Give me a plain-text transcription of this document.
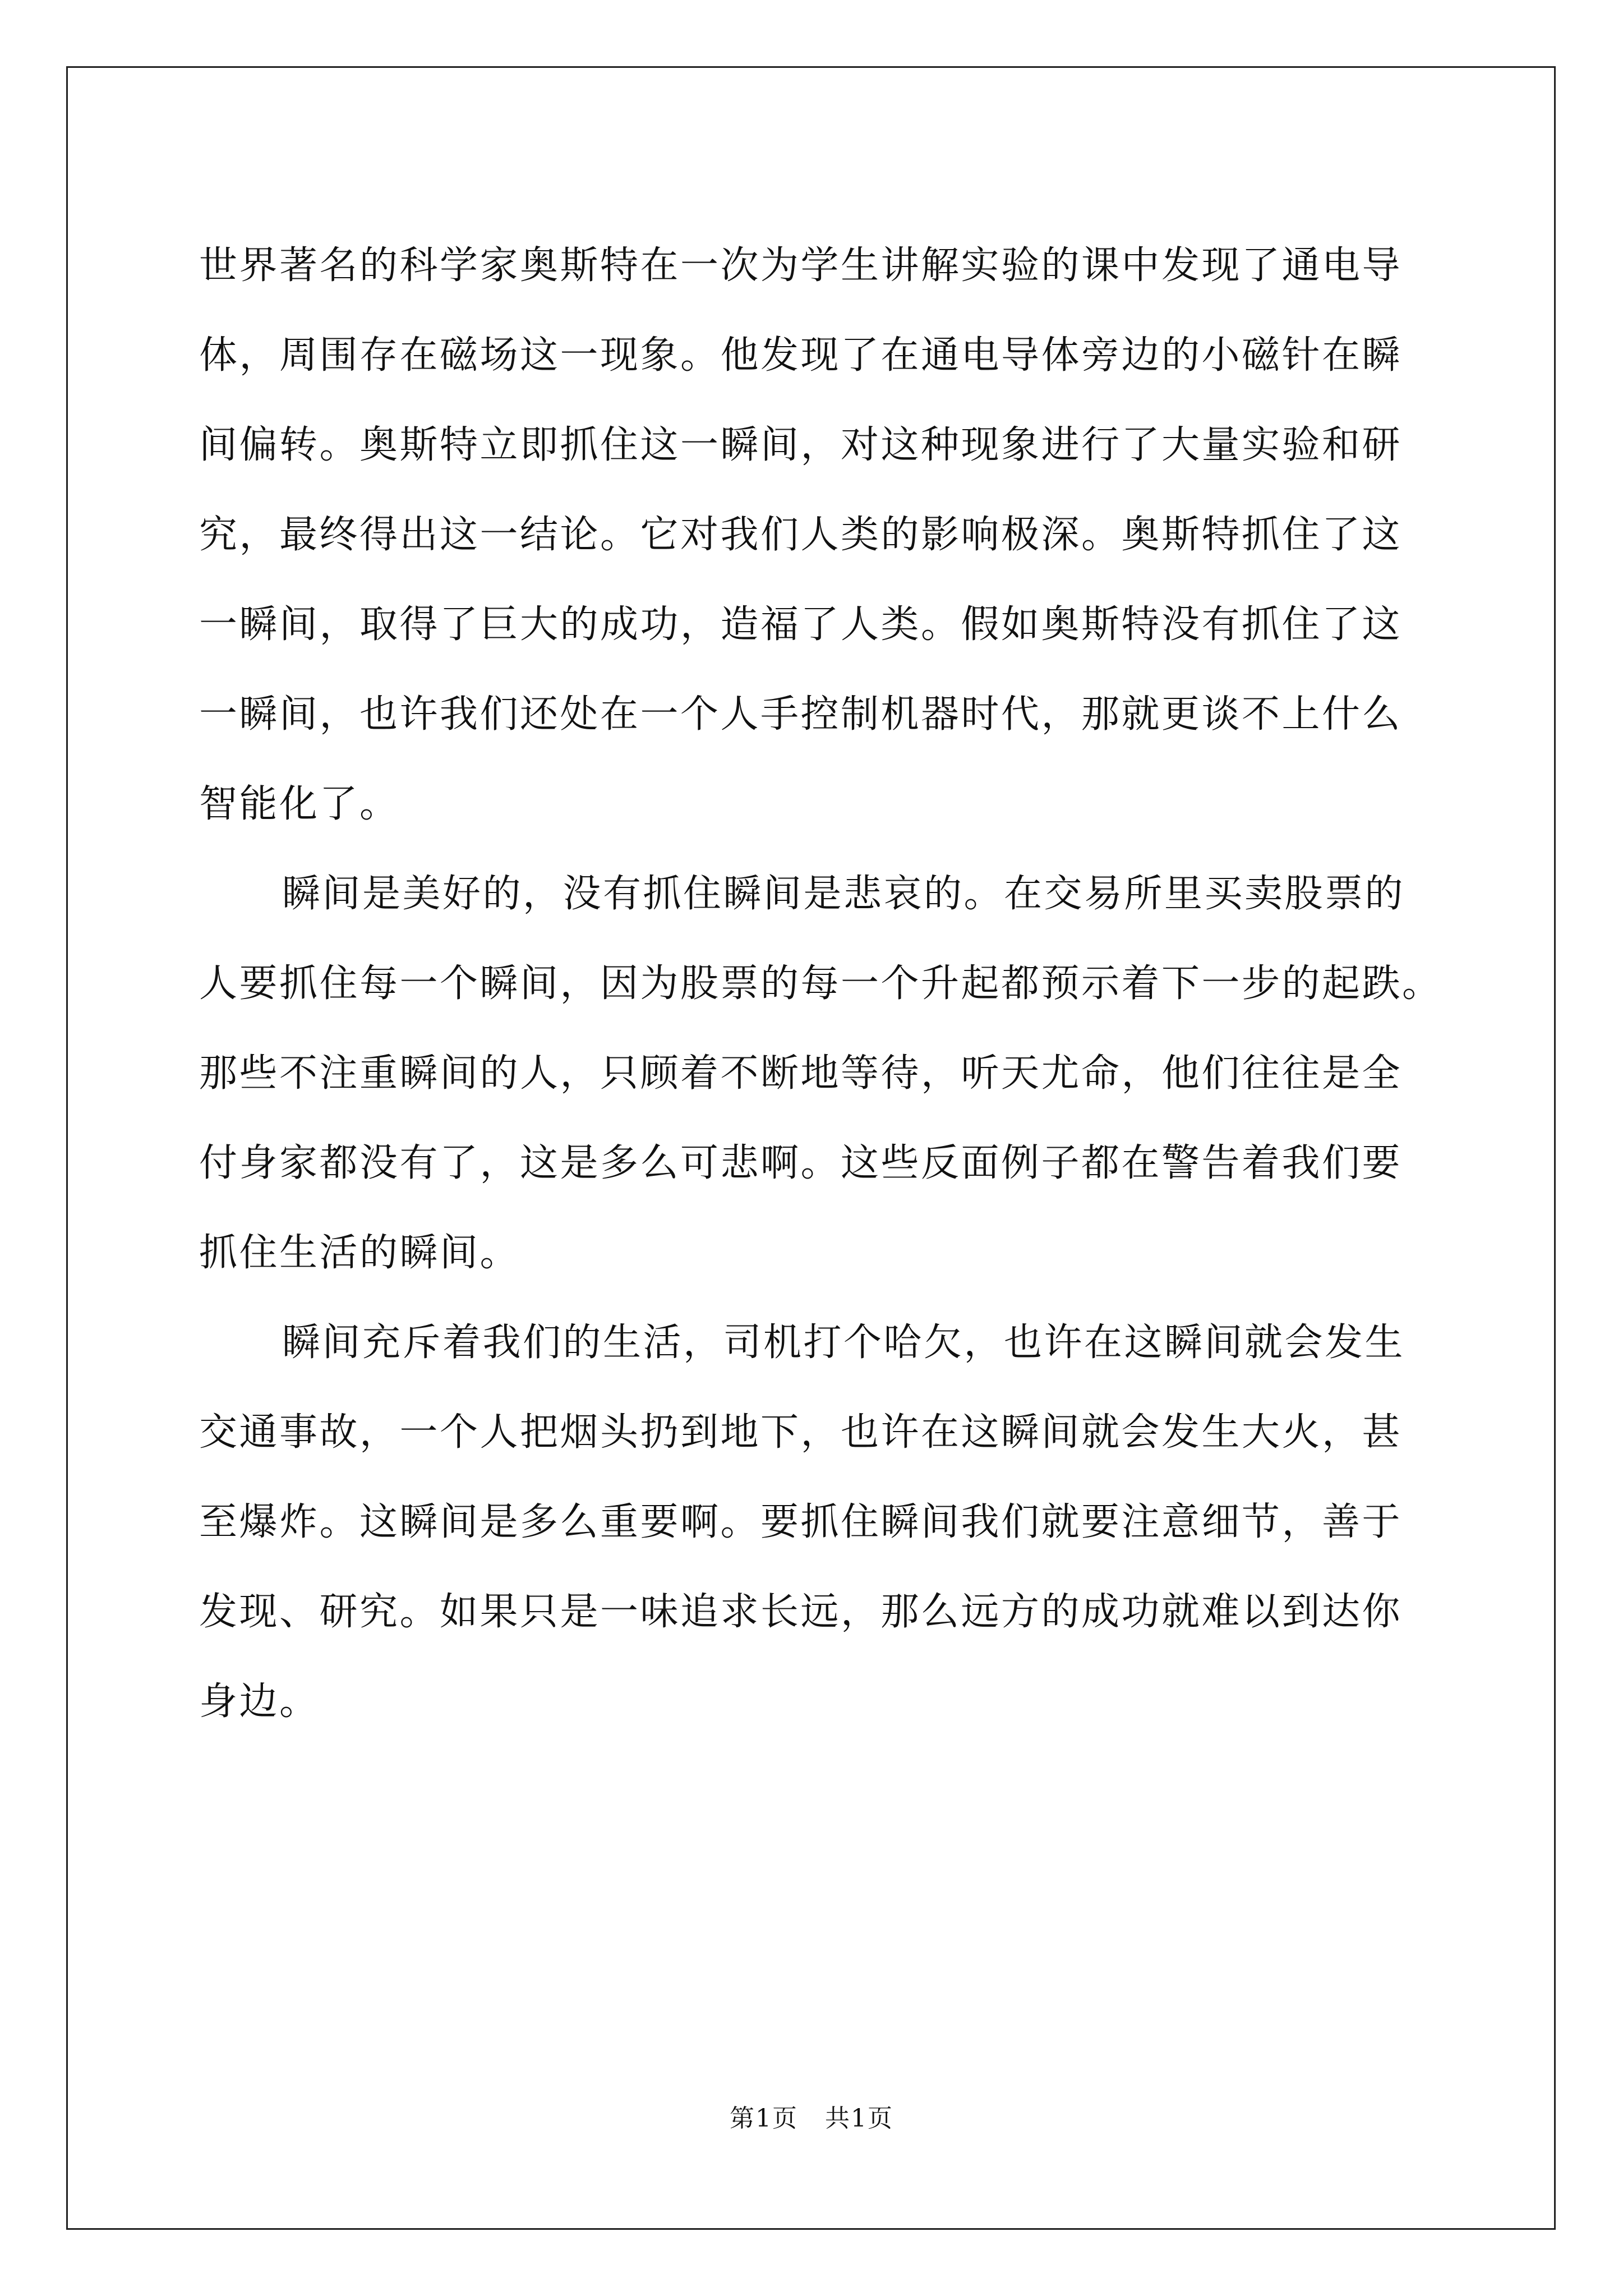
世界著名的科学家奥斯特在一次为学生讲解实验的课中发现了通电导
体，周围存在磁场这一现象。他发现了在通电导体旁边的小磁针在瞬
间偏转。奥斯特立即抓住这一瞬间，对这种现象进行了大量实验和研
究，最终得出这一结论。它对我们人类的影响极深。奥斯特抓住了这
一瞬间，取得了巨大的成功，造福了人类。假如奥斯特没有抓住了这
一瞬间，也许我们还处在一个人手控制机器时代，那就更谈不上什么
智能化了。

瞬间是美好的，没有抓住瞬间是悲哀的。在交易所里买卖股票的
人要抓住每一个瞬间，因为股票的每一个升起都预示着下一步的起跌。
那些不注重瞬间的人，只顾着不断地等待，听天尤命，他们往往是全
付身家都没有了，这是多么可悲啊。这些反面例子都在警告着我们要
抓住生活的瞬间。

瞬间充斥着我们的生活，司机打个哈欠，也许在这瞬间就会发生
交通事故，一个人把烟头扔到地下，也许在这瞬间就会发生大火，甚
至爆炸。这瞬间是多么重要啊。要抓住瞬间我们就要注意细节，善于
发现、研究。如果只是一味追求长远，那么远方的成功就难以到达你
身边。

第1页 共1页
